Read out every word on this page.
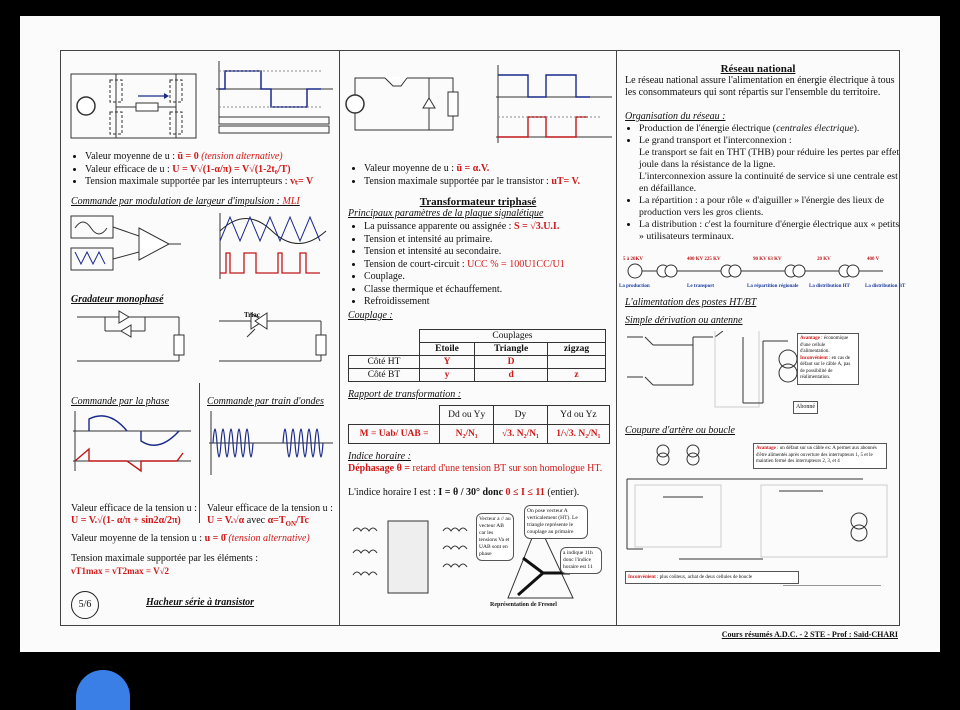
• Valeur moyenne de u : ū = 0 (tension alternative)
• Valeur efficace de u : U = V√(1-α/π) = V√(1-2t₀/T)
• Tension maximale supportée par les interrupteurs : vₜ= V
Commande par modulation de largeur d'impulsion : MLI
Gradateur monophasé
Triac
Commande par la phase	Commande par train d'ondes
Valeur efficace de la tension u :
U = V.√(1- α/π + sin2α/2π)
Valeur efficace de la tension u :
U = V.√α avec $\alpha=T_{ON}/Tc$
Valeur moyenne de la tension u : u = 0̄ (tension alternative)
Tension maximale supportée par les éléments :
vT1max = vT2max = V√2
5/6	Hacheur série à transistor
• Valeur moyenne de u : ū = α.V.
• Tension maximale supportée par le transistor : uT= V.
Transformateur triphasé
Principaux paramètres de la plaque signalétique
• La puissance apparente ou assignée : S = √3.U.I.
• Tension et intensité au primaire.
• Tension et intensité au secondaire.
• Tension de court-circuit : UCC % = 100U1CC/U1
• Couplage.
• Classe thermique et échauffement.
• Refroidissement
Couplage :
	Couplages		
	Etoile	Triangle	zigzag
Côté HT	Y	D	
Côté BT	y	d	z
Rapport de transformation :
	Dd ou Yy	Dy	Yd ou Yz
M = Uab/ UAB =	N₂/N₁	√3. N₂/N₁	1/√3. N₂/N₁
Indice horaire :
Déphasage θ = retard d'une tension BT sur son homologue HT.
L'indice horaire I est : I = θ / 30° donc 0 ≤ I ≤ 11 (entier).
Vecteur a // au vecteur AB car les tensions Va et UAB sont en phase
On pose vecteur A verticalement (HT). Le triangle représente le couplage au primaire
a indique 11h donc l'indice horaire est 11
Représentation de Fresnel
Réseau national
Le réseau national assure l'alimentation en énergie électrique à tous les consommateurs qui sont répartis sur l'ensemble du territoire.
Organisation du réseau :
• Production de l'énergie électrique (centrales électrique).
• Le grand transport et l'interconnexion :
Le transport se fait en THT (THB) pour réduire les pertes par effet joule dans la résistance de la ligne.
L'interconnexion assure la continuité de service si une centrale est en défaillance.
• La répartition : a pour rôle « d'aiguiller » l'énergie des lieux de production vers les gros clients.
• La distribution : c'est la fourniture d'énergie électrique aux « petits » utilisateurs terminaux.
5 à 20KV	400 KV 225 KV	90 KV 63 KV	20 KV	400 V
La production	Le transport	La répartition régionale La distribution HT	La distribution BT
L'alimentation des postes HT/BT
Simple dérivation ou antenne
Avantage : économique d'une cellule d'alimentation.
Inconvénient : en cas de défaut sur le câble A, pas de possibilité de réalimentation.
Abonné
Coupure d'artère ou boucle
Avantage : un défaut sur un câble ex: A permet aux abonnés d'être alimentés après ouverture des interrupteurs 1, 5 et le maintien fermé des interrupteurs 2, 3, et 4
Inconvénient : plus coûteux, achat de deux cellules de boucle
Cours résumés A.D.C. - 2 STE - Prof : Saïd-CHARI
